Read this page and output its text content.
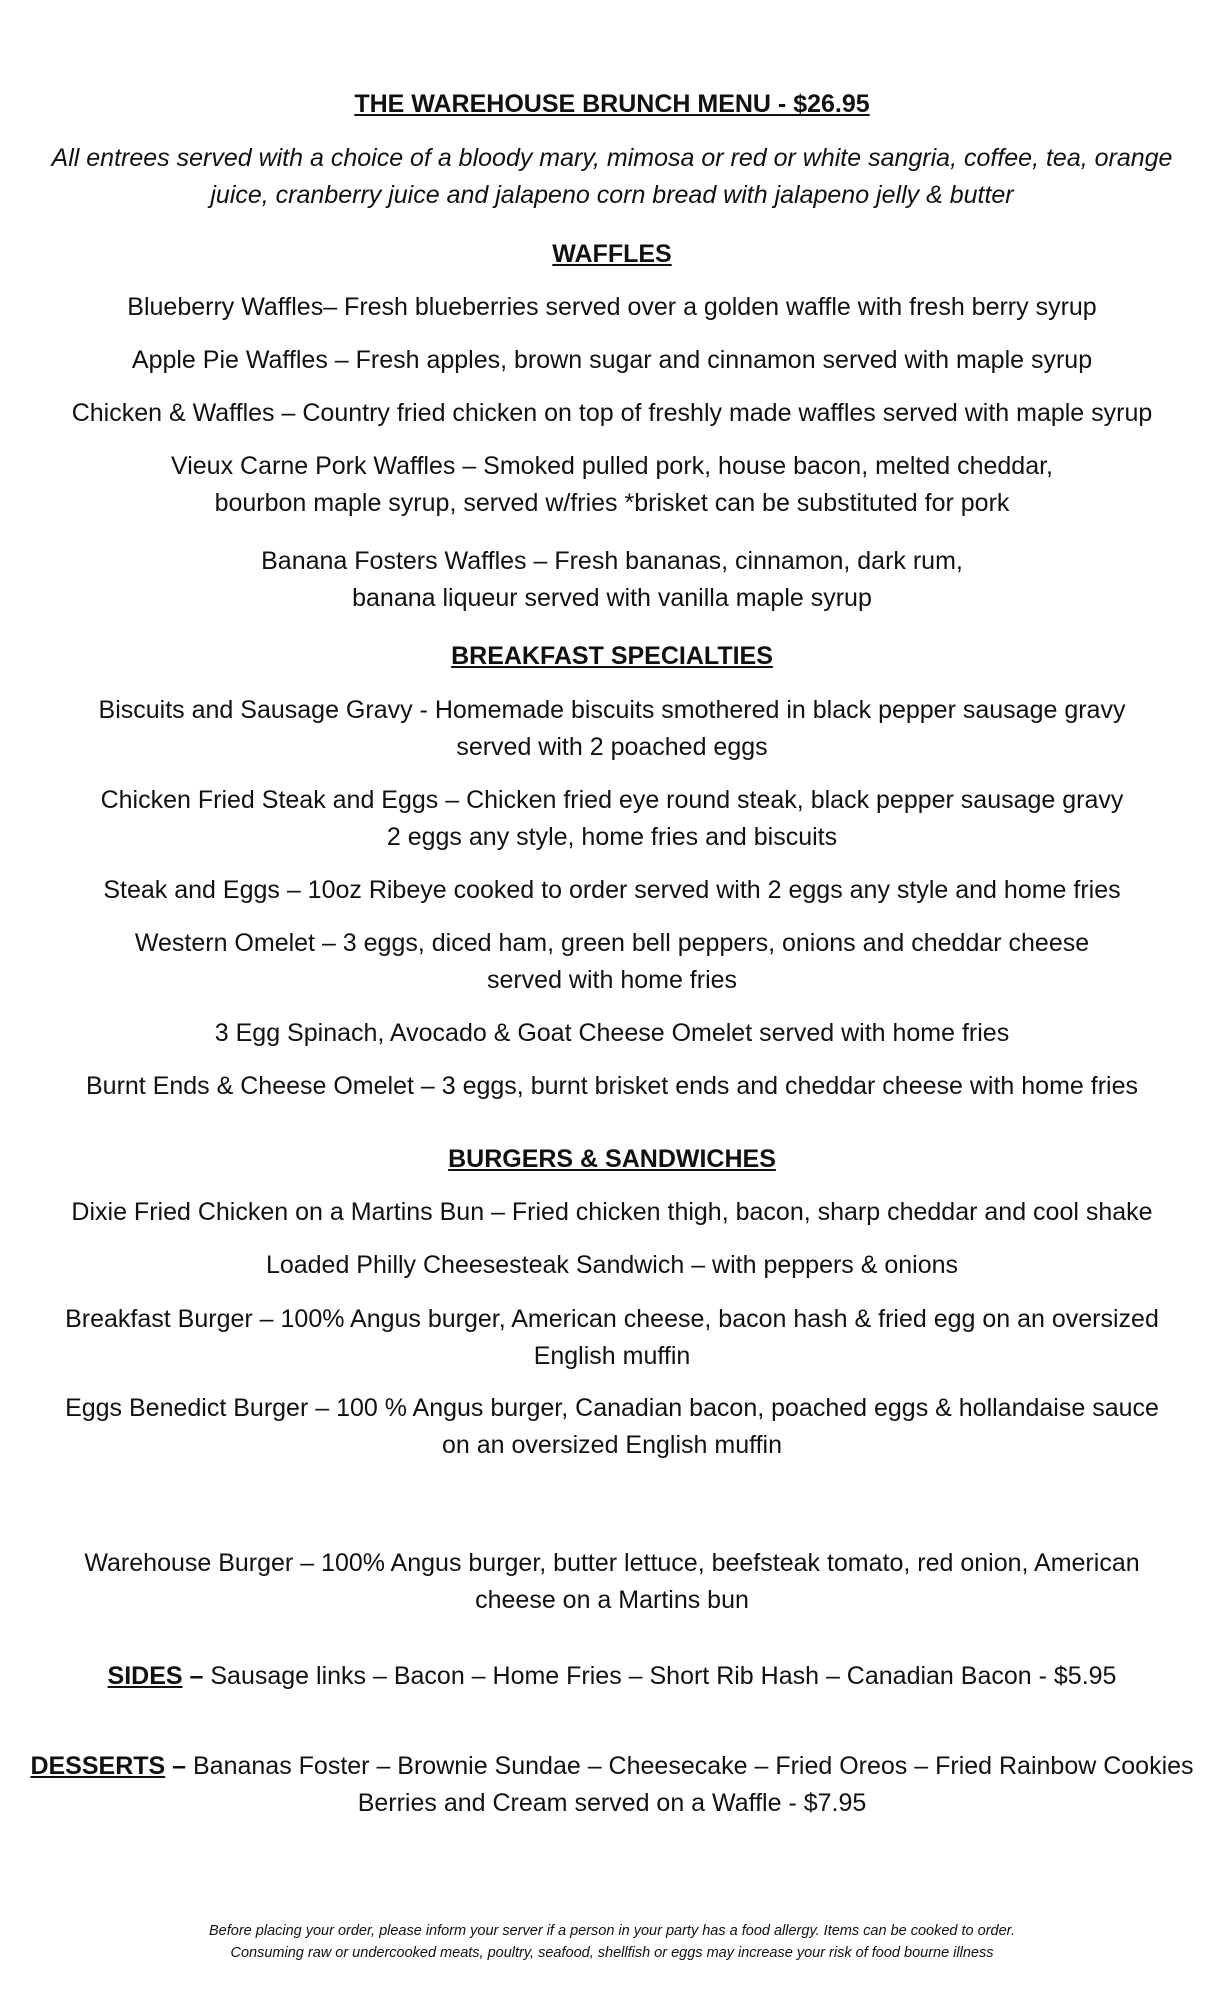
THE WAREHOUSE BRUNCH MENU - $26.95
All entrees served with a choice of a bloody mary, mimosa or red or white sangria, coffee, tea, orange
juice, cranberry juice and jalapeno corn bread with jalapeno jelly & butter
WAFFLES
Blueberry Waffles– Fresh blueberries served over a golden waffle with fresh berry syrup
Apple Pie Waffles – Fresh apples, brown sugar and cinnamon served with maple syrup
Chicken & Waffles – Country fried chicken on top of freshly made waffles served with maple syrup
Vieux Carne Pork Waffles – Smoked pulled pork, house bacon, melted cheddar,
bourbon maple syrup, served w/fries *brisket can be substituted for pork
Banana Fosters Waffles – Fresh bananas, cinnamon, dark rum,
banana liqueur served with vanilla maple syrup
BREAKFAST SPECIALTIES
Biscuits and Sausage Gravy - Homemade biscuits smothered in black pepper sausage gravy
served with 2 poached eggs
Chicken Fried Steak and Eggs – Chicken fried eye round steak, black pepper sausage gravy
2 eggs any style, home fries and biscuits
Steak and Eggs – 10oz Ribeye cooked to order served with 2 eggs any style and home fries
Western Omelet – 3 eggs, diced ham, green bell peppers, onions and cheddar cheese
served with home fries
3 Egg Spinach, Avocado & Goat Cheese Omelet served with home fries
Burnt Ends & Cheese Omelet – 3 eggs, burnt brisket ends and cheddar cheese with home fries
BURGERS & SANDWICHES
Dixie Fried Chicken on a Martins Bun – Fried chicken thigh, bacon, sharp cheddar and cool shake
Loaded Philly Cheesesteak Sandwich – with peppers & onions
Breakfast Burger – 100% Angus burger, American cheese, bacon hash & fried egg on an oversized
English muffin
Eggs Benedict Burger – 100 % Angus burger, Canadian bacon, poached eggs & hollandaise sauce
on an oversized English muffin
Warehouse Burger – 100% Angus burger, butter lettuce, beefsteak tomato, red onion, American
cheese on a Martins bun
SIDES – Sausage links – Bacon – Home Fries – Short Rib Hash – Canadian Bacon - $5.95
DESSERTS – Bananas Foster – Brownie Sundae – Cheesecake – Fried Oreos – Fried Rainbow Cookies
Berries and Cream served on a Waffle - $7.95
Before placing your order, please inform your server if a person in your party has a food allergy. Items can be cooked to order.
Consuming raw or undercooked meats, poultry, seafood, shellfish or eggs may increase your risk of food bourne illness
